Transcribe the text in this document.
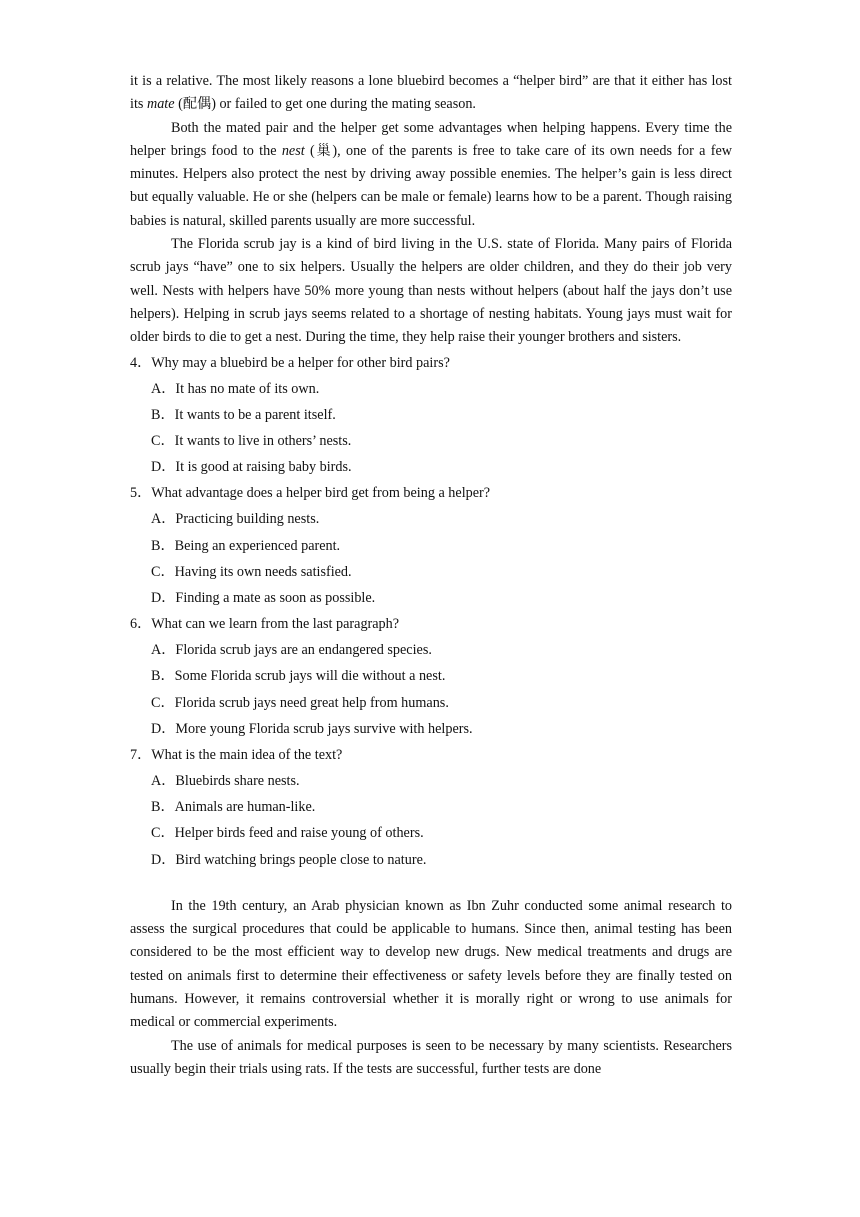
it is a relative. The most likely reasons a lone bluebird becomes a “helper bird” are that it either has lost its mate (配偶) or failed to get one during the mating season.

Both the mated pair and the helper get some advantages when helping happens. Every time the helper brings food to the nest (巢), one of the parents is free to take care of its own needs for a few minutes. Helpers also protect the nest by driving away possible enemies. The helper’s gain is less direct but equally valuable. He or she (helpers can be male or female) learns how to be a parent. Though raising babies is natural, skilled parents usually are more successful.

The Florida scrub jay is a kind of bird living in the U.S. state of Florida. Many pairs of Florida scrub jays “have” one to six helpers. Usually the helpers are older children, and they do their job very well. Nests with helpers have 50% more young than nests without helpers (about half the jays don’t use helpers). Helping in scrub jays seems related to a shortage of nesting habitats. Young jays must wait for older birds to die to get a nest. During the time, they help raise their younger brothers and sisters.

4．Why may a bluebird be a helper for other bird pairs?
A．It has no mate of its own.
B．It wants to be a parent itself.
C．It wants to live in others’ nests.
D．It is good at raising baby birds.
5．What advantage does a helper bird get from being a helper?
A．Practicing building nests.
B．Being an experienced parent.
C．Having its own needs satisfied.
D．Finding a mate as soon as possible.
6．What can we learn from the last paragraph?
A．Florida scrub jays are an endangered species.
B．Some Florida scrub jays will die without a nest.
C．Florida scrub jays need great help from humans.
D．More young Florida scrub jays survive with helpers.
7．What is the main idea of the text?
A．Bluebirds share nests.
B．Animals are human-like.
C．Helper birds feed and raise young of others.
D．Bird watching brings people close to nature.

In the 19th century, an Arab physician known as Ibn Zuhr conducted some animal research to assess the surgical procedures that could be applicable to humans. Since then, animal testing has been considered to be the most efficient way to develop new drugs. New medical treatments and drugs are tested on animals first to determine their effectiveness or safety levels before they are finally tested on humans. However, it remains controversial whether it is morally right or wrong to use animals for medical or commercial experiments.

The use of animals for medical purposes is seen to be necessary by many scientists. Researchers usually begin their trials using rats. If the tests are successful, further tests are done
